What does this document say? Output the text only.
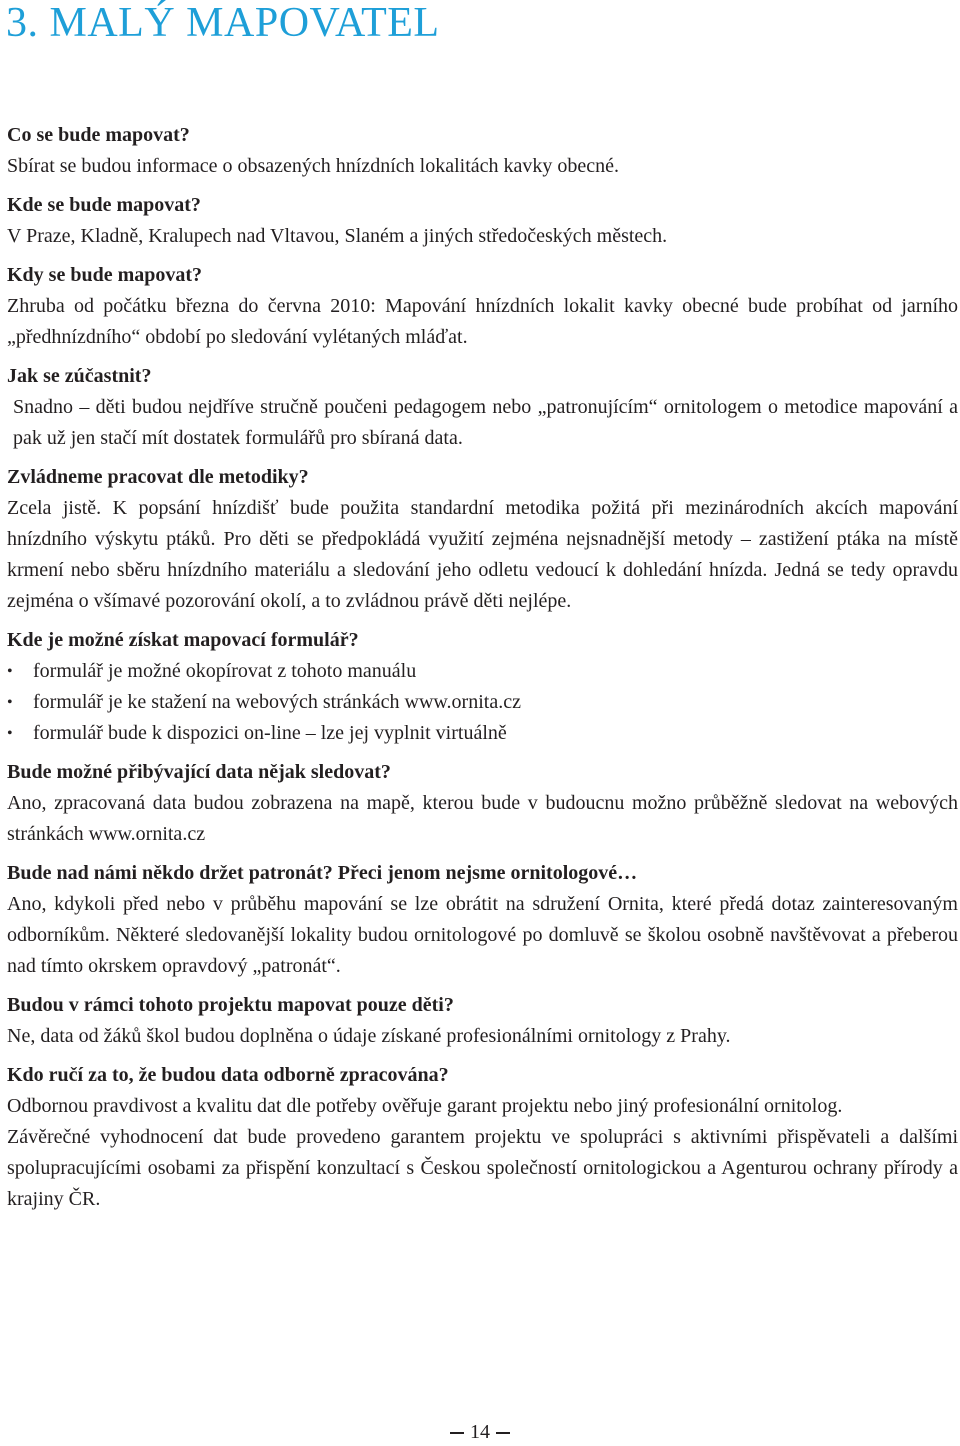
3. MALÝ MAPOVATEL

Co se bude mapovat?

Sbírat se budou informace o obsazených hnízdních lokalitách kavky obecné.

Kde se bude mapovat?

V Praze, Kladně, Kralupech nad Vltavou, Slaném a jiných středočeských městech.

Kdy se bude mapovat?

Zhruba od počátku března do června 2010: Mapování hnízdních lokalit kavky obecné bude probíhat od jarního „předhnízdního“ období po sledování vylétaných mláďat.

Jak se zúčastnit?

Snadno – děti budou nejdříve stručně poučeni pedagogem nebo „patronujícím“ ornitologem o metodice mapování a pak už jen stačí mít dostatek formulářů pro sbíraná data.

Zvládneme pracovat dle metodiky?

Zcela jistě. K popsání hnízdišť bude použita standardní metodika požitá při mezinárodních akcích mapování hnízdního výskytu ptáků. Pro děti se předpokládá využití zejména nejsnadnější metody – zastižení ptáka na místě krmení nebo sběru hnízdního materiálu a sledování jeho odletu vedoucí k dohledání hnízda. Jedná se tedy opravdu zejména o všímavé pozorování okolí, a to zvládnou právě děti nejlépe.

Kde je možné získat mapovací formulář?

• formulář je možné okopírovat z tohoto manuálu
• formulář je ke stažení na webových stránkách www.ornita.cz
• formulář bude k dispozici on-line – lze jej vyplnit virtuálně

Bude možné přibývající data nějak sledovat?

Ano, zpracovaná data budou zobrazena na mapě, kterou bude v budoucnu možno průběžně sledovat na webových stránkách www.ornita.cz

Bude nad námi někdo držet patronát? Přeci jenom nejsme ornitologové…

Ano, kdykoli před nebo v průběhu mapování se lze obrátit na sdružení Ornita, které předá dotaz zainteresovaným odborníkům. Některé sledovanější lokality budou ornitologové po domluvě se školou osobně navštěvovat a přeberou nad tímto okrskem opravdový „patronát“.

Budou v rámci tohoto projektu mapovat pouze děti?

Ne, data od žáků škol budou doplněna o údaje získané profesionálními ornitology z Prahy.

Kdo ručí za to, že budou data odborně zpracována?

Odbornou pravdivost a kvalitu dat dle potřeby ověřuje garant projektu nebo jiný profesionální ornitolog.

Závěrečné vyhodnocení dat bude provedeno garantem projektu ve spolupráci s aktivními přispěvateli a dalšími spolupracujícími osobami za přispění konzultací s Českou společností ornitologickou a Agenturou ochrany přírody a krajiny ČR.

14
